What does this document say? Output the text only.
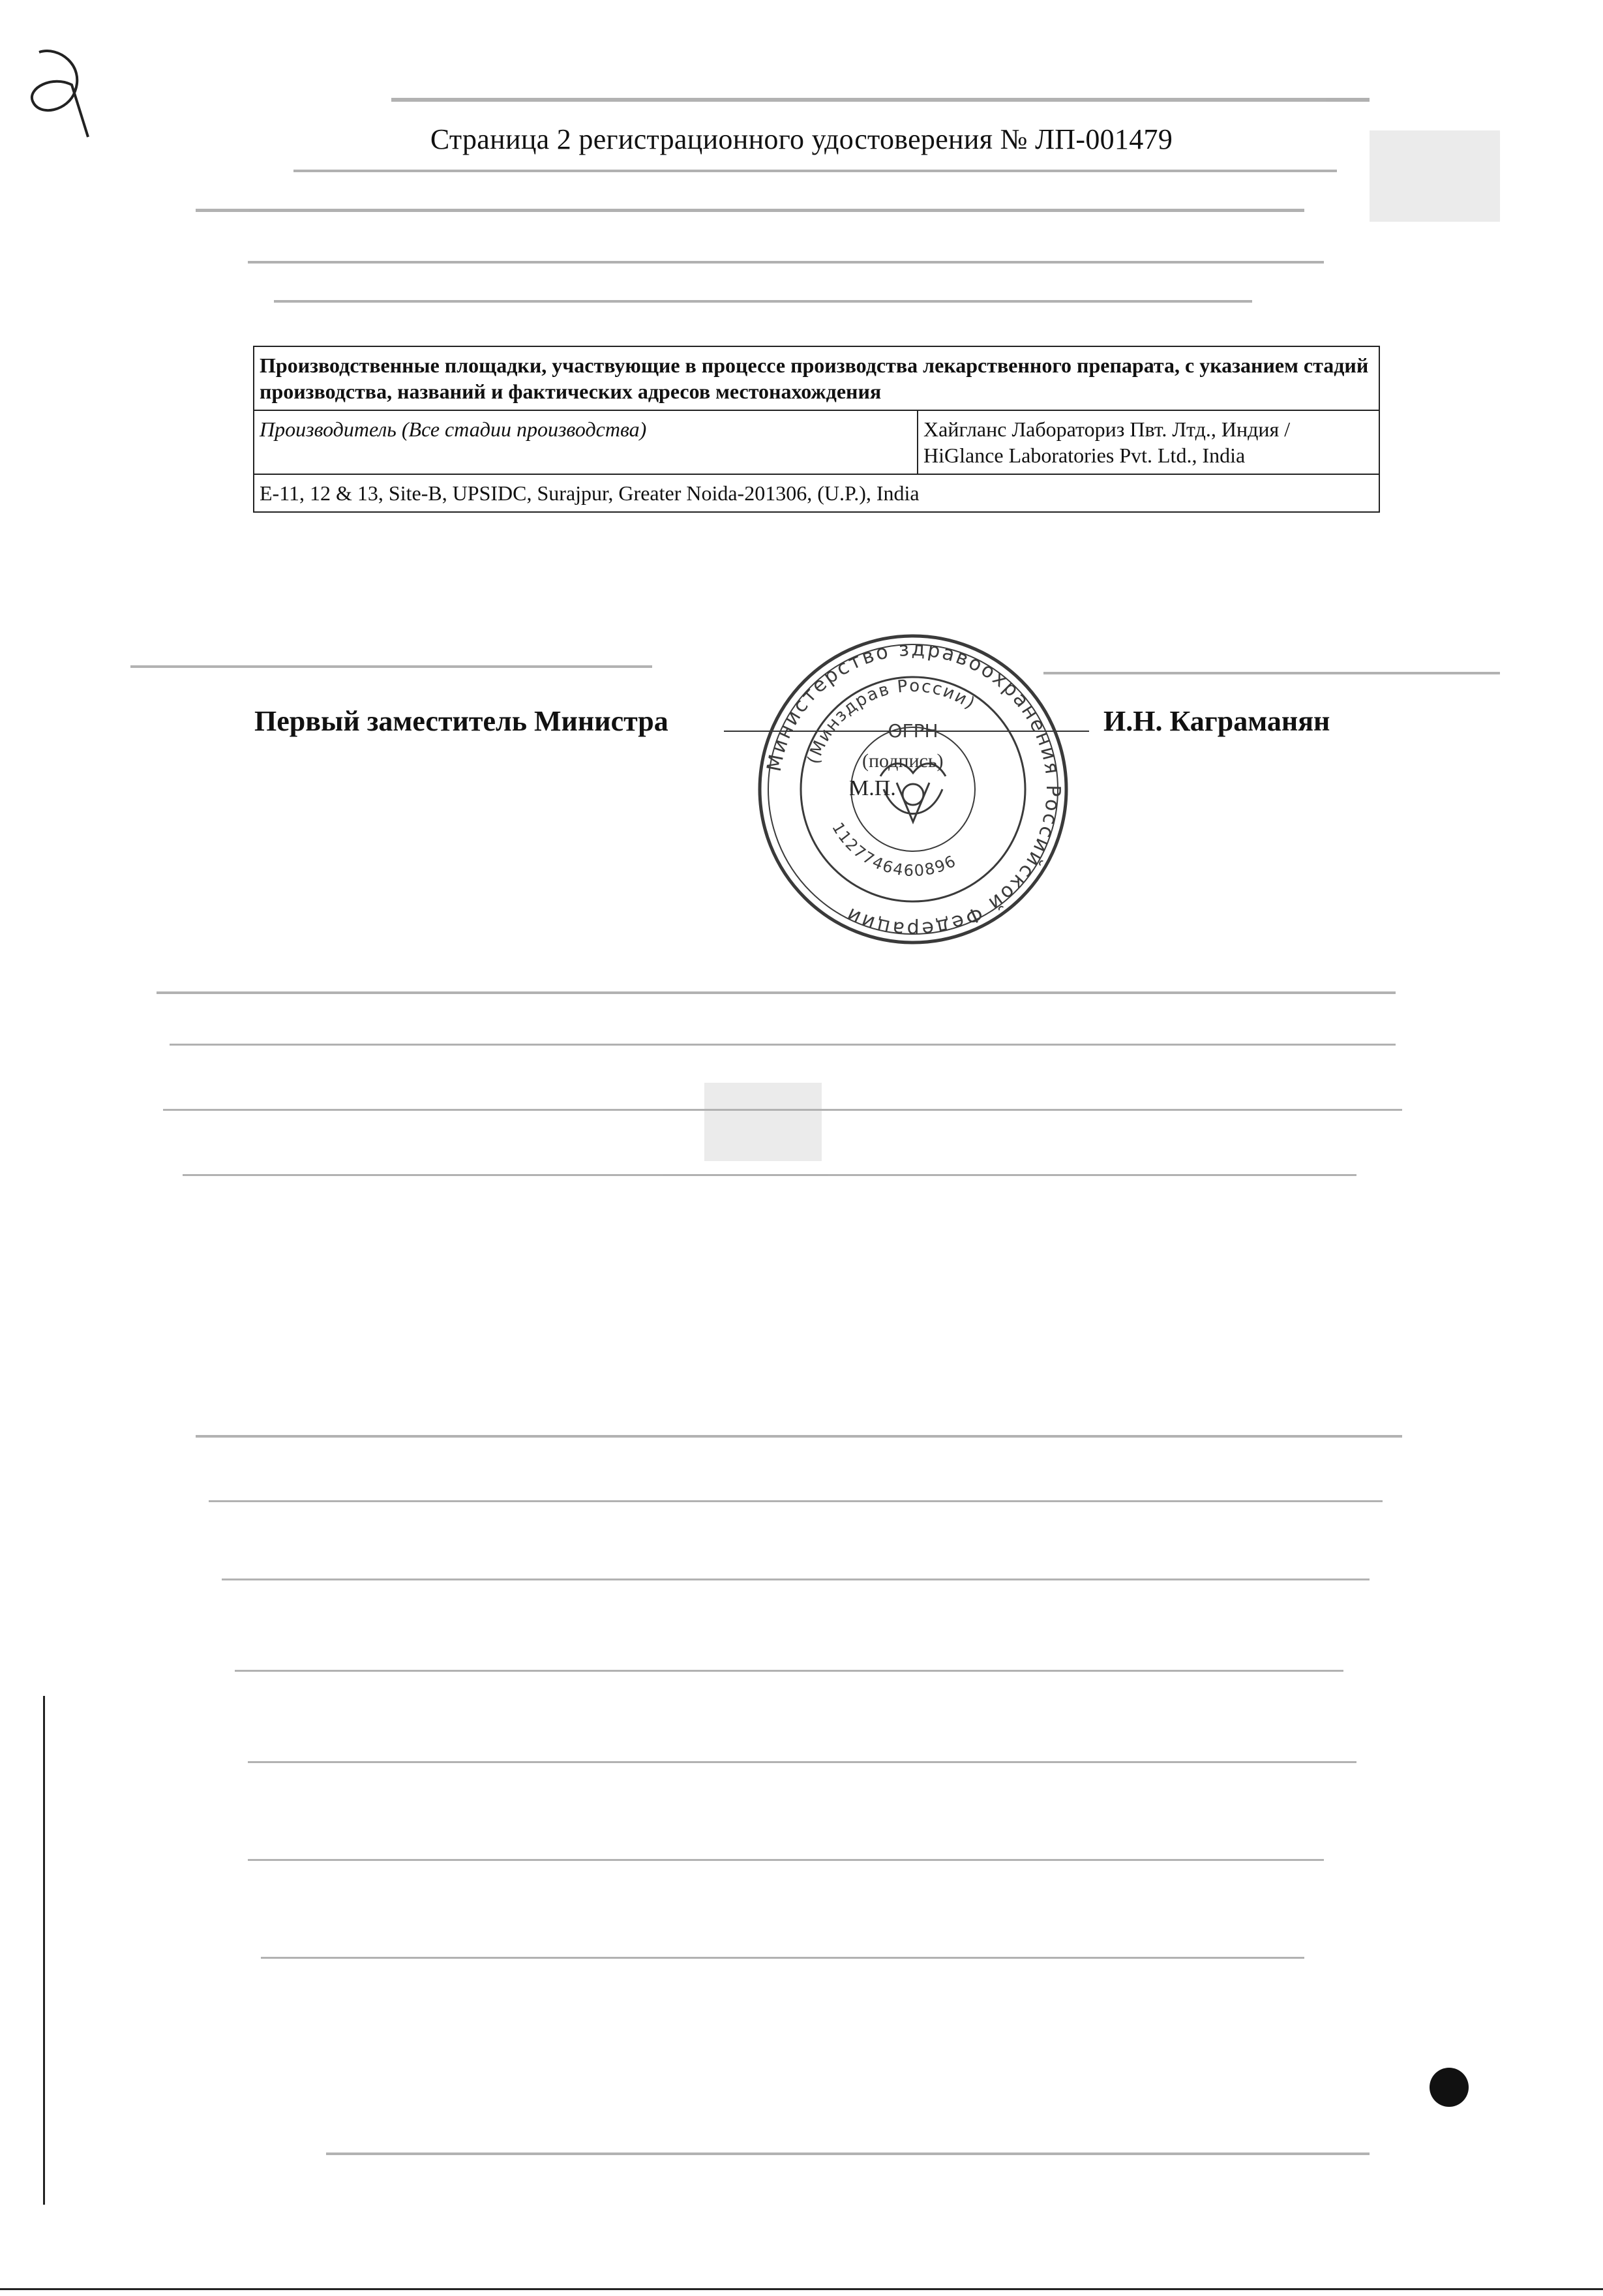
Страница 2 регистрационного удостоверения № ЛП-001479
Производственные площадки, участвующие в процессе производства лекарственного препарата, с указанием стадий производства, названий и фактических адресов местонахождения
Производитель (Все стадии производства)	Хайгланс Лабораториз Пвт. Лтд., Индия / HiGlance Laboratories Pvt. Ltd., India
E-11, 12 & 13, Site-B, UPSIDC, Surajpur, Greater Noida-201306, (U.P.), India
Первый заместитель Министра	И.Н. Каграманян
Министерство здравоохранения Российской Федерации
(Минздрав России)
ОГРН
1127746460896
(подпись)
М.П.
